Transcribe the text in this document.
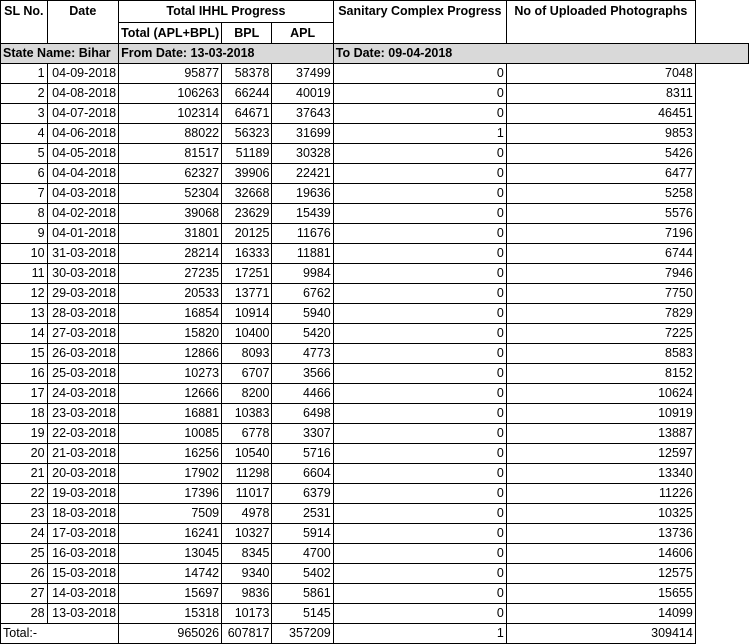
SL No.	Date	Total IHHL Progress			Sanitary Complex Progress	No of Uploaded Photographs	
		Total (APL+BPL)	BPL	APL			
State Name: Bihar		From Date: 13-03-2018			To Date: 09-04-2018		
1	04-09-2018	95877	58378	37499	0	7048	
2	04-08-2018	106263	66244	40019	0	8311	
3	04-07-2018	102314	64671	37643	0	46451	
4	04-06-2018	88022	56323	31699	1	9853	
5	04-05-2018	81517	51189	30328	0	5426	
6	04-04-2018	62327	39906	22421	0	6477	
7	04-03-2018	52304	32668	19636	0	5258	
8	04-02-2018	39068	23629	15439	0	5576	
9	04-01-2018	31801	20125	11676	0	7196	
10	31-03-2018	28214	16333	11881	0	6744	
11	30-03-2018	27235	17251	9984	0	7946	
12	29-03-2018	20533	13771	6762	0	7750	
13	28-03-2018	16854	10914	5940	0	7829	
14	27-03-2018	15820	10400	5420	0	7225	
15	26-03-2018	12866	8093	4773	0	8583	
16	25-03-2018	10273	6707	3566	0	8152	
17	24-03-2018	12666	8200	4466	0	10624	
18	23-03-2018	16881	10383	6498	0	10919	
19	22-03-2018	10085	6778	3307	0	13887	
20	21-03-2018	16256	10540	5716	0	12597	
21	20-03-2018	17902	11298	6604	0	13340	
22	19-03-2018	17396	11017	6379	0	11226	
23	18-03-2018	7509	4978	2531	0	10325	
24	17-03-2018	16241	10327	5914	0	13736	
25	16-03-2018	13045	8345	4700	0	14606	
26	15-03-2018	14742	9340	5402	0	12575	
27	14-03-2018	15697	9836	5861	0	15655	
28	13-03-2018	15318	10173	5145	0	14099	
Total:-		965026	607817	357209	1	309414	
